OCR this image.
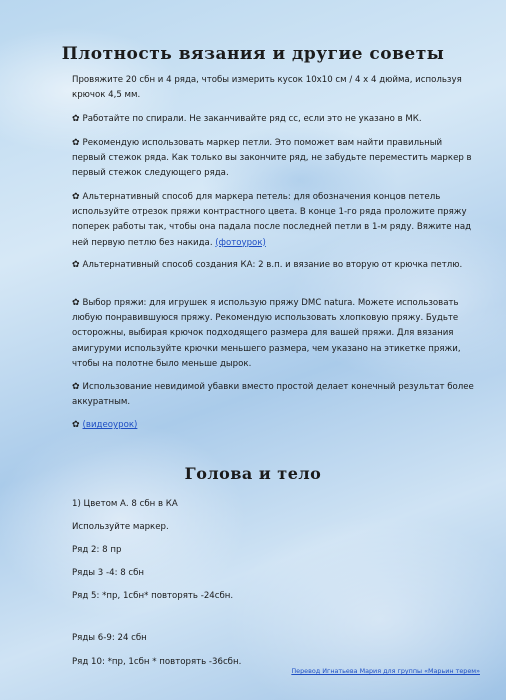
Плотность вязания и другие советы

Провяжите 20 сбн и 4 ряда, чтобы измерить кусок 10х10 см / 4 х 4 дюйма, используя крючок 4,5 мм.

✿ Работайте по спирали. Не заканчивайте ряд сс, если это не указано в МК.

✿ Рекомендую использовать маркер петли. Это поможет вам найти правильный первый стежок ряда. Как только вы закончите ряд, не забудьте переместить маркер в первый стежок следующего ряда.

✿ Альтернативный способ для маркера петель: для обозначения концов петель используйте отрезок пряжи контрастного цвета. В конце 1-го ряда проложите пряжу поперек работы так, чтобы она падала после последней петли в 1-м ряду. Вяжите над ней первую петлю без накида. (фотоурок)

✿ Альтернативный способ создания КА: 2 в.п. и вязание во вторую от крючка петлю.

✿ Выбор пряжи: для игрушек я использую пряжу DMC natura. Можете использовать любую понравившуюся пряжу. Рекомендую использовать хлопковую пряжу. Будьте осторожны, выбирая крючок подходящего размера для вашей пряжи. Для вязания амигуруми используйте крючки меньшего размера, чем указано на этикетке пряжи, чтобы на полотне было меньше дырок.

✿ Использование невидимой убавки вместо простой делает конечный результат более аккуратным.

✿ (видеоурок)

Голова и тело

1) Цветом А. 8 сбн в КА

Используйте маркер.

Ряд 2: 8 пр

Ряды 3 -4: 8 сбн

Ряд 5: *пр, 1сбн* повторять -24сбн.

Ряды 6-9: 24 сбн

Ряд 10: *пр, 1сбн * повторять -36сбн.

Перевод Игнатьева Мария для группы «Марьин терем»
